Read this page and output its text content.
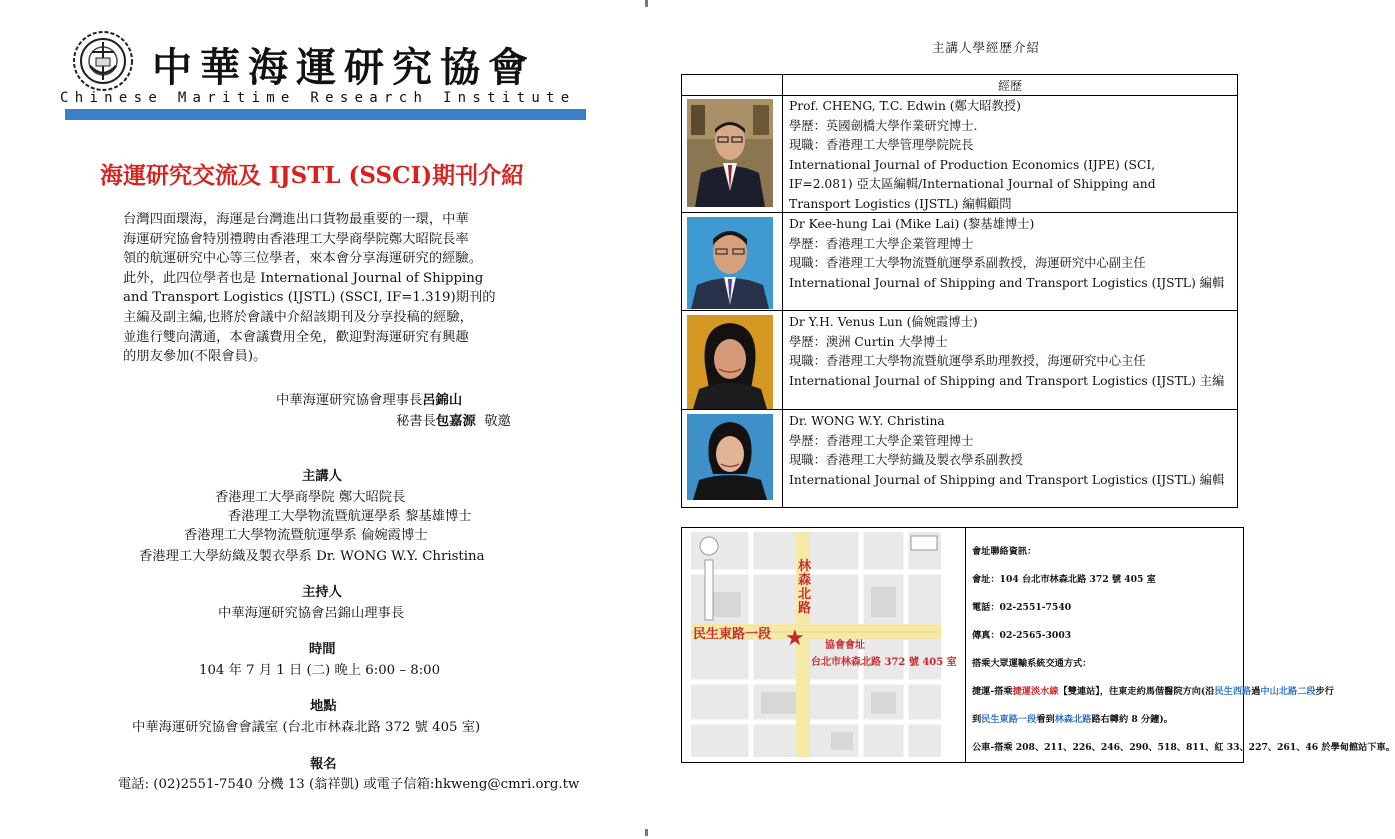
中華海運研究協會
Chinese Maritime Research Institute
海運研究交流及 IJSTL (SSCI)期刊介紹
台灣四面環海，海運是台灣進出口貨物最重要的一環，中華
海運研究協會特別禮聘由香港理工大學商學院鄭大昭院長率
領的航運研究中心等三位學者，來本會分享海運研究的經驗。
此外，此四位學者也是 International Journal of Shipping
and Transport Logistics (IJSTL) (SSCI, IF=1.319)期刊的
主編及副主編,也將於會議中介紹該期刊及分享投稿的經驗，
並進行雙向溝通，本會議費用全免，歡迎對海運研究有興趣
的朋友參加(不限會員)。
中華海運研究協會理事長呂錦山
秘書長包嘉源 敬邀
主講人
香港理工大學商學院 鄭大昭院長
香港理工大學物流暨航運學系 黎基雄博士
香港理工大學物流暨航運學系 倫婉霞博士
香港理工大學紡織及製衣學系 Dr. WONG W.Y. Christina
主持人
中華海運研究協會呂錦山理事長
時間
104 年 7 月 1 日 (二) 晚上 6:00 – 8:00
地點
中華海運研究協會會議室 (台北市林森北路 372 號 405 室)
報名
電話: (02)2551-7540 分機 13 (翁祥凱) 或電子信箱:hkweng@cmri.org.tw
主講人學經歷介紹
經歷
Prof. CHENG, T.C. Edwin (鄭大昭教授)
學歷：英國劍橋大學作業研究博士.
現職：香港理工大學管理學院院長
International Journal of Production Economics (IJPE) (SCI,
IF=2.081) 亞太區編輯/International Journal of Shipping and
Transport Logistics (IJSTL) 編輯顧問
Dr Kee-hung Lai (Mike Lai) (黎基雄博士)
學歷：香港理工大學企業管理博士
現職：香港理工大學物流暨航運學系副教授，海運研究中心副主任
International Journal of Shipping and Transport Logistics (IJSTL) 編輯
Dr Y.H. Venus Lun (倫婉霞博士)
學歷：澳洲 Curtin 大學博士
現職：香港理工大學物流暨航運學系助理教授，海運研究中心主任
International Journal of Shipping and Transport Logistics (IJSTL) 主編
Dr. WONG W.Y. Christina
學歷：香港理工大學企業管理博士
現職：香港理工大學紡織及製衣學系副教授
International Journal of Shipping and Transport Logistics (IJSTL) 編輯
林森北路
民生東路一段 ★ 協會會址
台北市林森北路 372 號 405 室
會址聯絡資訊：
會址：104 台北市林森北路 372 號 405 室
電話：02-2551-7540
傳真：02-2565-3003
搭乘大眾運輸系統交通方式：
捷運-搭乘捷運淡水線【雙連站】，往東走約馬偕醫院方向(沿民生西路過中山北路二段步行
到民生東路一段看到林森北路路右轉約 8 分鐘)。
公車-搭乘 208、211、226、246、290、518、811、紅 33、227、261、46 於學甸館站下車。
